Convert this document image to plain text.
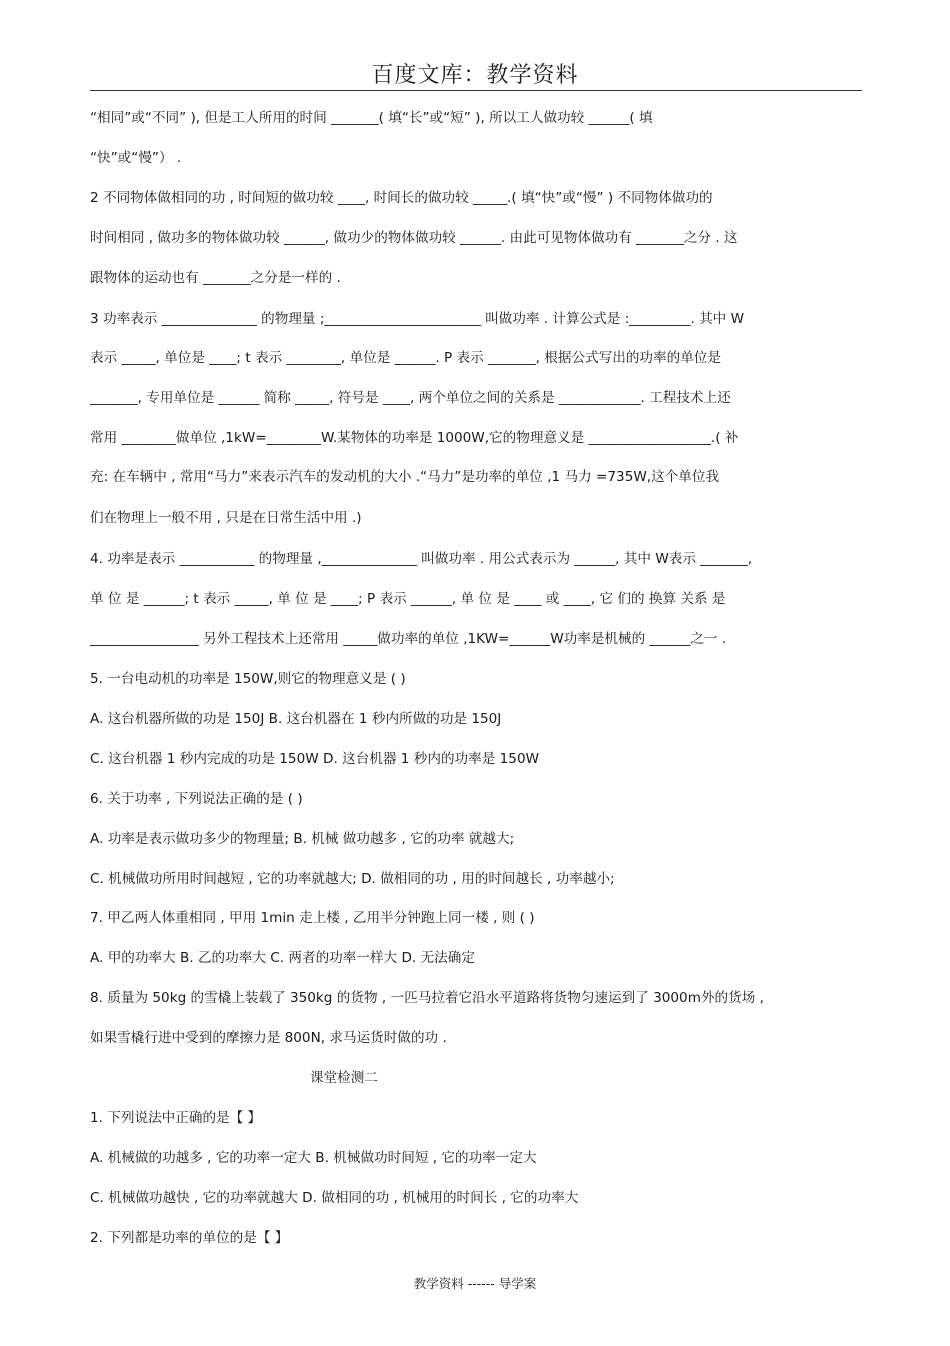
百度文库：教学资料
“相同”或“不同” ), 但是工人所用的时间 _______( 填“长”或“短” ), 所以工人做功较 ______( 填
“快”或“慢”） .
2 不同物体做相同的功 , 时间短的做功较 ____, 时间长的做功较 _____.( 填“快”或“慢” ) 不同物体做功的
时间相同 , 做功多的物体做功较 ______, 做功少的物体做功较 ______. 由此可见物体做功有 _______之分 . 这
跟物体的运动也有 _______之分是一样的 .
3 功率表示 ______________ 的物理量 ;_______________________ 叫做功率 . 计算公式是 :_________. 其中 W
表示 _____, 单位是 ____; t 表示 ________, 单位是 ______. P 表示 _______, 根据公式写出的功率的单位是
_______, 专用单位是 ______ 简称 _____, 符号是 ____, 两个单位之间的关系是 ____________. 工程技术上还
常用 ________做单位 ,1kW=________W.某物体的功率是 1000W,它的物理意义是 __________________.( 补
充: 在车辆中 , 常用“马力”来表示汽车的发动机的大小 .“马力”是功率的单位 ,1 马力 =735W,这个单位我
们在物理上一般不用 , 只是在日常生活中用 .)
4. 功率是表示 ___________ 的物理量 ,______________ 叫做功率 . 用公式表示为 ______, 其中 W表示 _______,
单 位 是 ______; t 表示 _____, 单 位 是 ____; P 表示 ______, 单 位 是 ____ 或 ____, 它 们的 换算 关系 是
________________ 另外工程技术上还常用 _____做功率的单位 ,1KW=______W功率是机械的 ______之一 .
5. 一台电动机的功率是 150W,则它的物理意义是 ( )
A. 这台机器所做的功是 150J B. 这台机器在 1 秒内所做的功是 150J
C. 这台机器 1 秒内完成的功是 150W D. 这台机器 1 秒内的功率是 150W
6. 关于功率 , 下列说法正确的是 ( )
A. 功率是表示做功多少的物理量; B. 机械 做功越多 , 它的功率 就越大;
C. 机械做功所用时间越短 , 它的功率就越大; D. 做相同的功 , 用的时间越长 , 功率越小;
7. 甲乙两人体重相同 , 甲用 1min 走上楼 , 乙用半分钟跑上同一楼 , 则 ( )
A. 甲的功率大 B. 乙的功率大 C. 两者的功率一样大 D. 无法确定
8. 质量为 50kg 的雪橇上装载了 350kg 的货物 , 一匹马拉着它沿水平道路将货物匀速运到了 3000m外的货场 ,
如果雪橇行进中受到的摩擦力是 800N, 求马运货时做的功 .
课堂检测二
1. 下列说法中正确的是【 】
A. 机械做的功越多 , 它的功率一定大 B. 机械做功时间短 , 它的功率一定大
C. 机械做功越快 , 它的功率就越大 D. 做相同的功 , 机械用的时间长 , 它的功率大
2. 下列都是功率的单位的是【 】
教学资料 ------ 导学案
